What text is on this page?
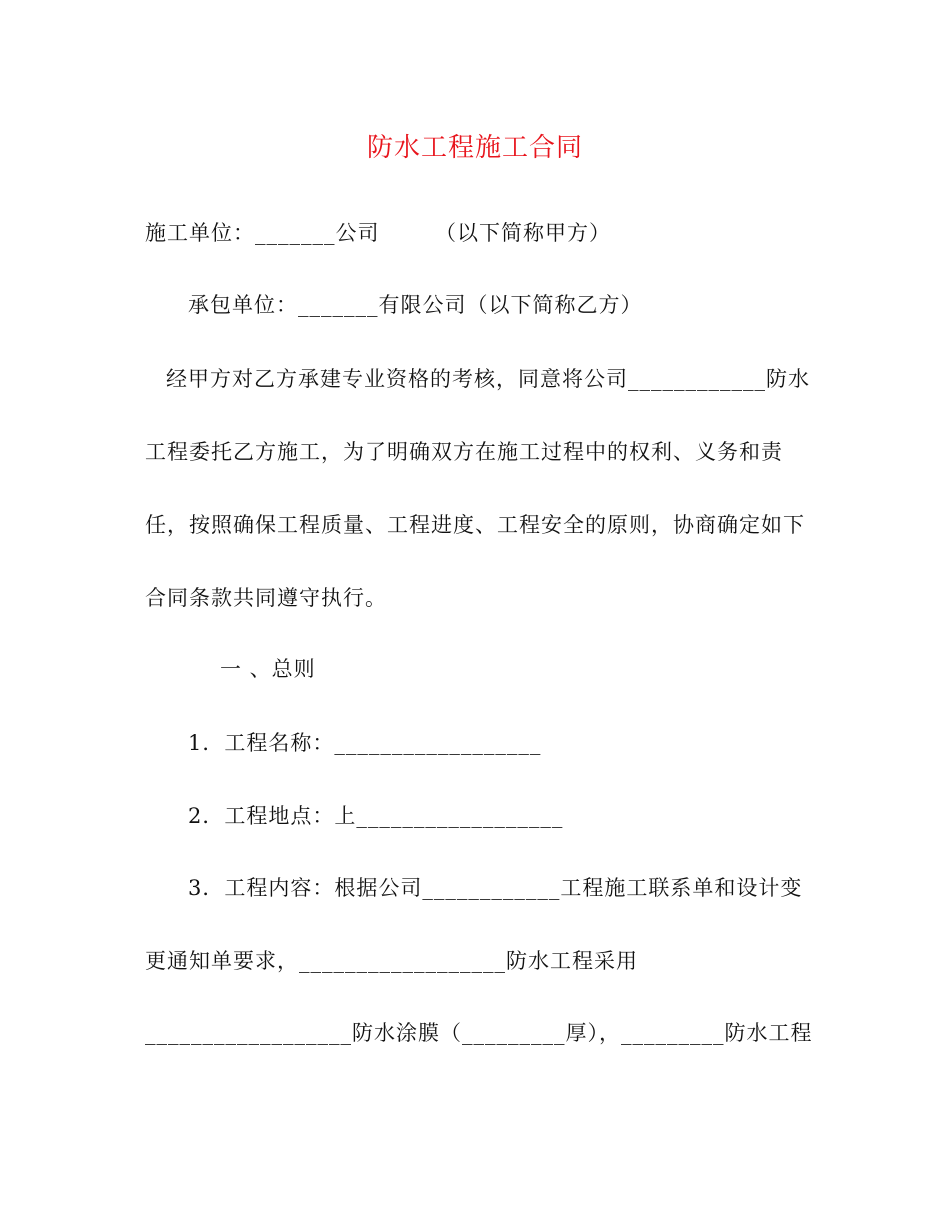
防水工程施工合同
施工单位：_______公司　　　（以下简称甲方）
承包单位：_______有限公司（以下简称乙方）
经甲方对乙方承建专业资格的考核，同意将公司____________防水
工程委托乙方施工，为了明确双方在施工过程中的权利、义务和责
任，按照确保工程质量、工程进度、工程安全的原则，协商确定如下
合同条款共同遵守执行。
一 、总则
1．工程名称：__________________
2．工程地点：上__________________
3．工程内容：根据公司____________工程施工联系单和设计变
更通知单要求，__________________防水工程采用
__________________防水涂膜（_________厚），_________防水工程
